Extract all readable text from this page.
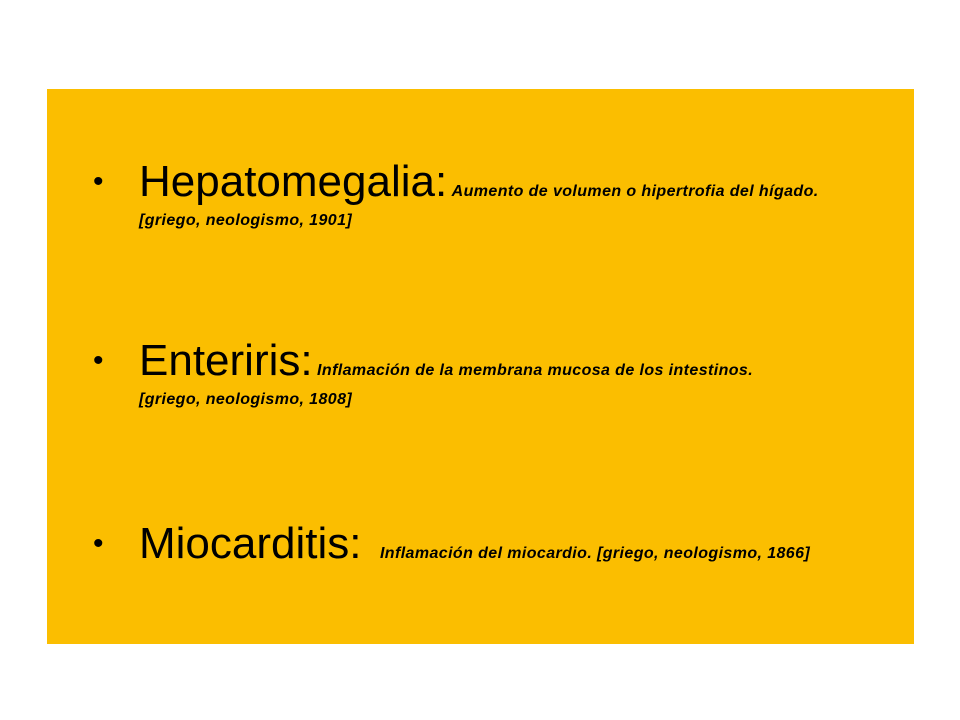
• Hepatomegalia: Aumento de volumen o hipertrofia del hígado.
[griego, neologismo, 1901]
• Enteriris: Inflamación de la membrana mucosa de los intestinos.
[griego, neologismo, 1808]
• Miocarditis: Inflamación del miocardio. [griego, neologismo, 1866]
